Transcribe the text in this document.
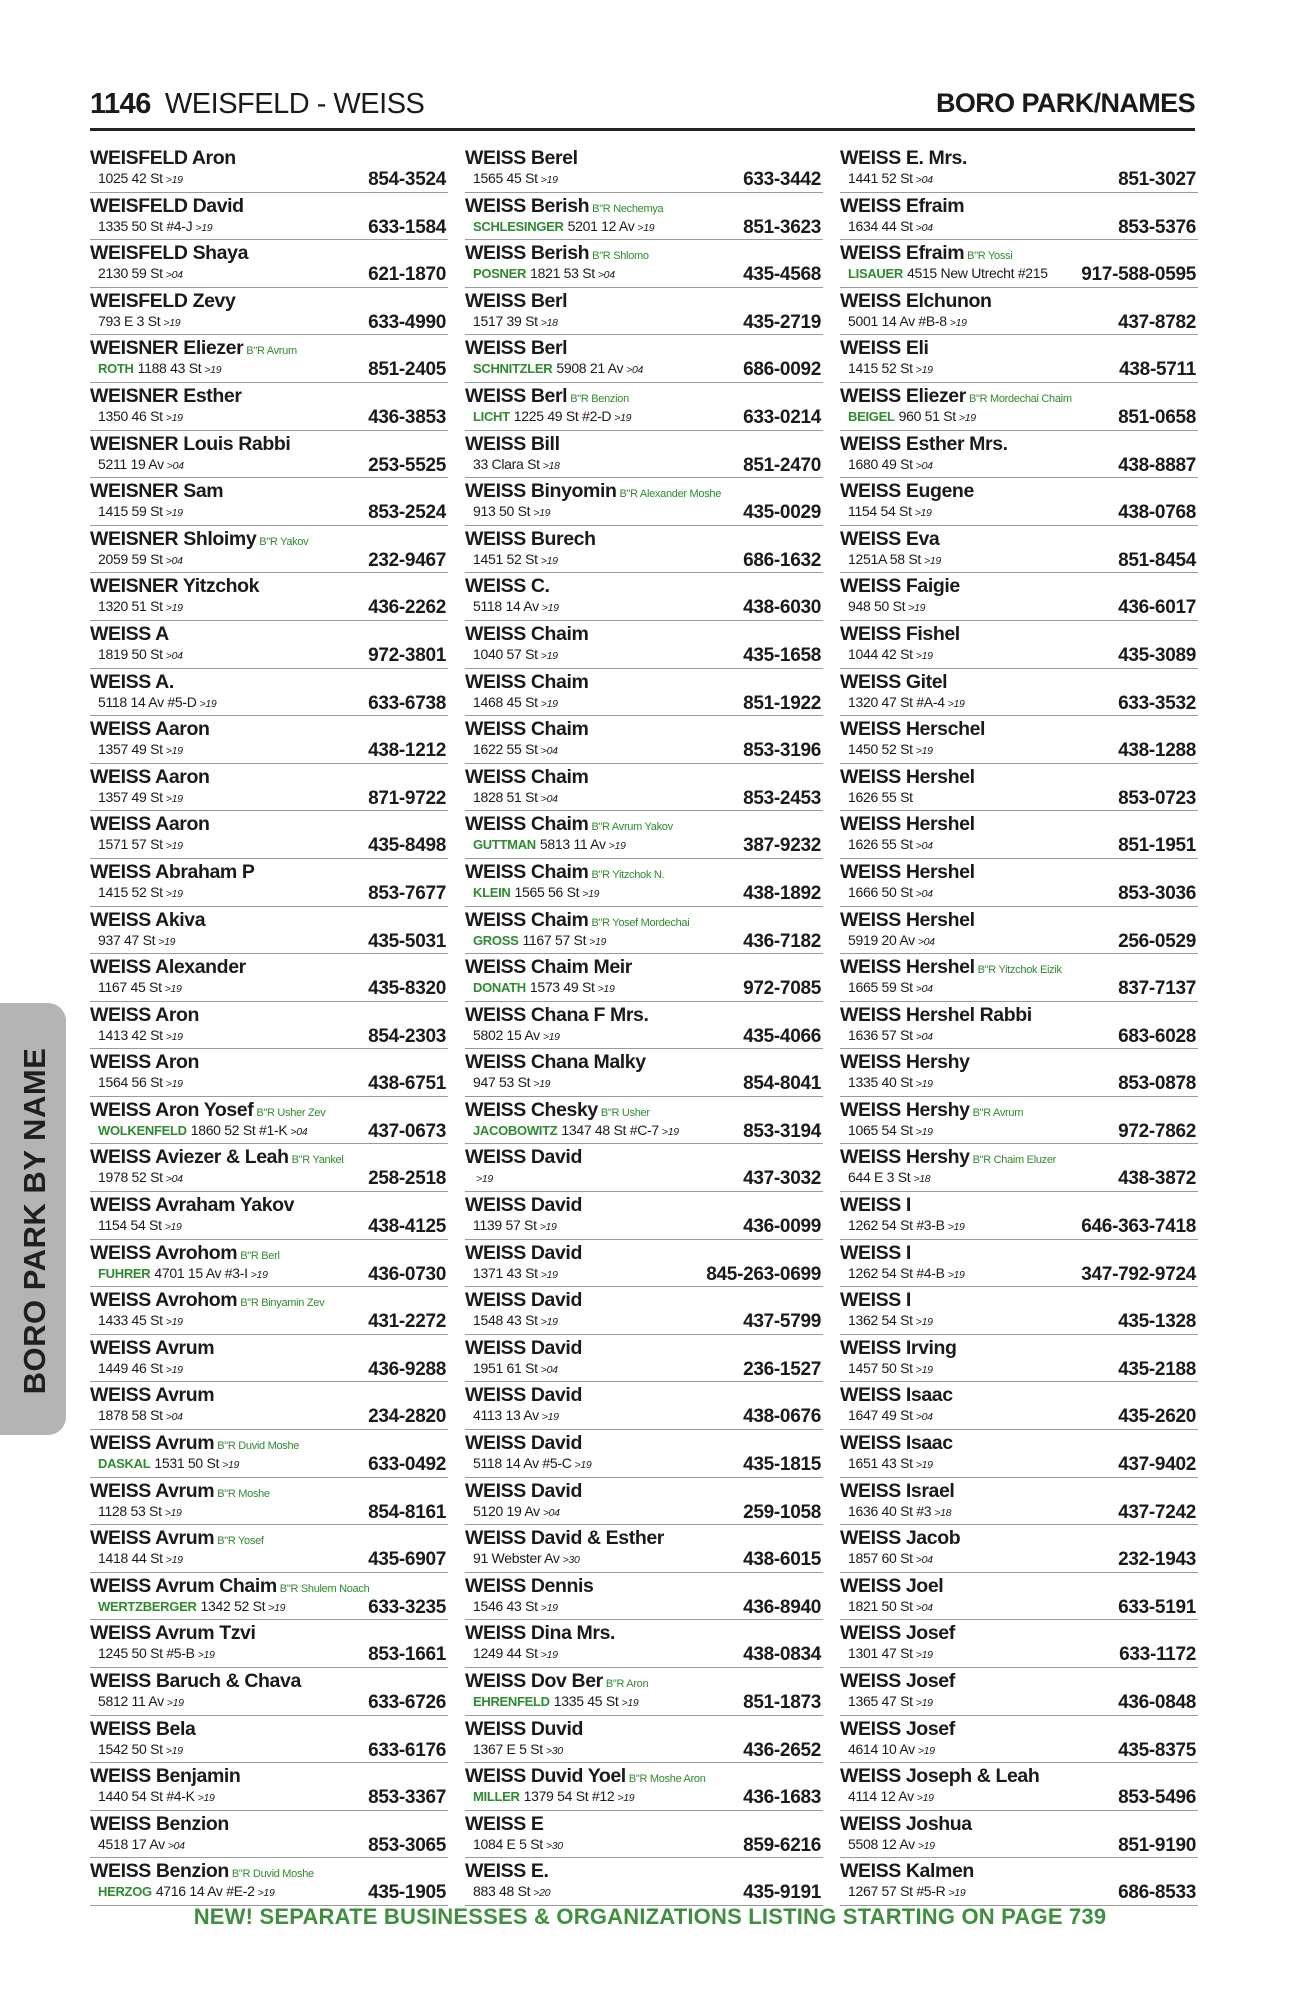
1146 WEISFELD - WEISS	BORO PARK/NAMES
BORO PARK BY NAME
WEISFELD Aron
1025 42 St >19	854-3524
WEISFELD David
1335 50 St #4-J >19	633-1584
WEISFELD Shaya
2130 59 St >04	621-1870
WEISFELD Zevy
793 E 3 St >19	633-4990
WEISNER Eliezer B"R Avrum
ROTH 1188 43 St >19	851-2405
WEISNER Esther
1350 46 St >19	436-3853
WEISNER Louis Rabbi
5211 19 Av >04	253-5525
WEISNER Sam
1415 59 St >19	853-2524
WEISNER Shloimy B"R Yakov
2059 59 St >04	232-9467
WEISNER Yitzchok
1320 51 St >19	436-2262
WEISS A
1819 50 St >04	972-3801
WEISS A.
5118 14 Av #5-D >19	633-6738
WEISS Aaron
1357 49 St >19	438-1212
WEISS Aaron
1357 49 St >19	871-9722
WEISS Aaron
1571 57 St >19	435-8498
WEISS Abraham P
1415 52 St >19	853-7677
WEISS Akiva
937 47 St >19	435-5031
WEISS Alexander
1167 45 St >19	435-8320
WEISS Aron
1413 42 St >19	854-2303
WEISS Aron
1564 56 St >19	438-6751
WEISS Aron Yosef B"R Usher Zev
WOLKENFELD 1860 52 St #1-K >04	437-0673
WEISS Aviezer & Leah B"R Yankel
1978 52 St >04	258-2518
WEISS Avraham Yakov
1154 54 St >19	438-4125
WEISS Avrohom B"R Berl
FUHRER 4701 15 Av #3-I >19	436-0730
WEISS Avrohom B"R Binyamin Zev
1433 45 St >19	431-2272
WEISS Avrum
1449 46 St >19	436-9288
WEISS Avrum
1878 58 St >04	234-2820
WEISS Avrum B"R Duvid Moshe
DASKAL 1531 50 St >19	633-0492
WEISS Avrum B"R Moshe
1128 53 St >19	854-8161
WEISS Avrum B"R Yosef
1418 44 St >19	435-6907
WEISS Avrum Chaim B"R Shulem Noach
WERTZBERGER 1342 52 St >19	633-3235
WEISS Avrum Tzvi
1245 50 St #5-B >19	853-1661
WEISS Baruch & Chava
5812 11 Av >19	633-6726
WEISS Bela
1542 50 St >19	633-6176
WEISS Benjamin
1440 54 St #4-K >19	853-3367
WEISS Benzion
4518 17 Av >04	853-3065
WEISS Benzion B"R Duvid Moshe
HERZOG 4716 14 Av #E-2 >19	435-1905
WEISS Berel
1565 45 St >19	633-3442
WEISS Berish B"R Nechemya
SCHLESINGER 5201 12 Av >19	851-3623
WEISS Berish B"R Shlomo
POSNER 1821 53 St >04	435-4568
WEISS Berl
1517 39 St >18	435-2719
WEISS Berl
SCHNITZLER 5908 21 Av >04	686-0092
WEISS Berl B"R Benzion
LICHT 1225 49 St #2-D >19	633-0214
WEISS Bill
33 Clara St >18	851-2470
WEISS Binyomin B"R Alexander Moshe
913 50 St >19	435-0029
WEISS Burech
1451 52 St >19	686-1632
WEISS C.
5118 14 Av >19	438-6030
WEISS Chaim
1040 57 St >19	435-1658
WEISS Chaim
1468 45 St >19	851-1922
WEISS Chaim
1622 55 St >04	853-3196
WEISS Chaim
1828 51 St >04	853-2453
WEISS Chaim B"R Avrum Yakov
GUTTMAN 5813 11 Av >19	387-9232
WEISS Chaim B"R Yitzchok N.
KLEIN 1565 56 St >19	438-1892
WEISS Chaim B"R Yosef Mordechai
GROSS 1167 57 St >19	436-7182
WEISS Chaim Meir
DONATH 1573 49 St >19	972-7085
WEISS Chana F Mrs.
5802 15 Av >19	435-4066
WEISS Chana Malky
947 53 St >19	854-8041
WEISS Chesky B"R Usher
JACOBOWITZ 1347 48 St #C-7 >19	853-3194
WEISS David
>19	437-3032
WEISS David
1139 57 St >19	436-0099
WEISS David
1371 43 St >19	845-263-0699
WEISS David
1548 43 St >19	437-5799
WEISS David
1951 61 St >04	236-1527
WEISS David
4113 13 Av >19	438-0676
WEISS David
5118 14 Av #5-C >19	435-1815
WEISS David
5120 19 Av >04	259-1058
WEISS David & Esther
91 Webster Av >30	438-6015
WEISS Dennis
1546 43 St >19	436-8940
WEISS Dina Mrs.
1249 44 St >19	438-0834
WEISS Dov Ber B"R Aron
EHRENFELD 1335 45 St >19	851-1873
WEISS Duvid
1367 E 5 St >30	436-2652
WEISS Duvid Yoel B"R Moshe Aron
MILLER 1379 54 St #12 >19	436-1683
WEISS E
1084 E 5 St >30	859-6216
WEISS E.
883 48 St >20	435-9191
WEISS E. Mrs.
1441 52 St >04	851-3027
WEISS Efraim
1634 44 St >04	853-5376
WEISS Efraim B"R Yossi
LISAUER 4515 New Utrecht #215 917-588-0595
WEISS Elchunon
5001 14 Av #B-8 >19	437-8782
WEISS Eli
1415 52 St >19	438-5711
WEISS Eliezer B"R Mordechai Chaim
BEIGEL 960 51 St >19	851-0658
WEISS Esther Mrs.
1680 49 St >04	438-8887
WEISS Eugene
1154 54 St >19	438-0768
WEISS Eva
1251A 58 St >19	851-8454
WEISS Faigie
948 50 St >19	436-6017
WEISS Fishel
1044 42 St >19	435-3089
WEISS Gitel
1320 47 St #A-4 >19	633-3532
WEISS Herschel
1450 52 St >19	438-1288
WEISS Hershel
1626 55 St	853-0723
WEISS Hershel
1626 55 St >04	851-1951
WEISS Hershel
1666 50 St >04	853-3036
WEISS Hershel
5919 20 Av >04	256-0529
WEISS Hershel B"R Yitzchok Eizik
1665 59 St >04	837-7137
WEISS Hershel Rabbi
1636 57 St >04	683-6028
WEISS Hershy
1335 40 St >19	853-0878
WEISS Hershy B"R Avrum
1065 54 St >19	972-7862
WEISS Hershy B"R Chaim Eluzer
644 E 3 St >18	438-3872
WEISS I
1262 54 St #3-B >19	646-363-7418
WEISS I
1262 54 St #4-B >19	347-792-9724
WEISS I
1362 54 St >19	435-1328
WEISS Irving
1457 50 St >19	435-2188
WEISS Isaac
1647 49 St >04	435-2620
WEISS Isaac
1651 43 St >19	437-9402
WEISS Israel
1636 40 St #3 >18	437-7242
WEISS Jacob
1857 60 St >04	232-1943
WEISS Joel
1821 50 St >04	633-5191
WEISS Josef
1301 47 St >19	633-1172
WEISS Josef
1365 47 St >19	436-0848
WEISS Josef
4614 10 Av >19	435-8375
WEISS Joseph & Leah
4114 12 Av >19	853-5496
WEISS Joshua
5508 12 Av >19	851-9190
WEISS Kalmen
1267 57 St #5-R >19	686-8533
NEW! SEPARATE BUSINESSES & ORGANIZATIONS LISTING STARTING ON PAGE 739
